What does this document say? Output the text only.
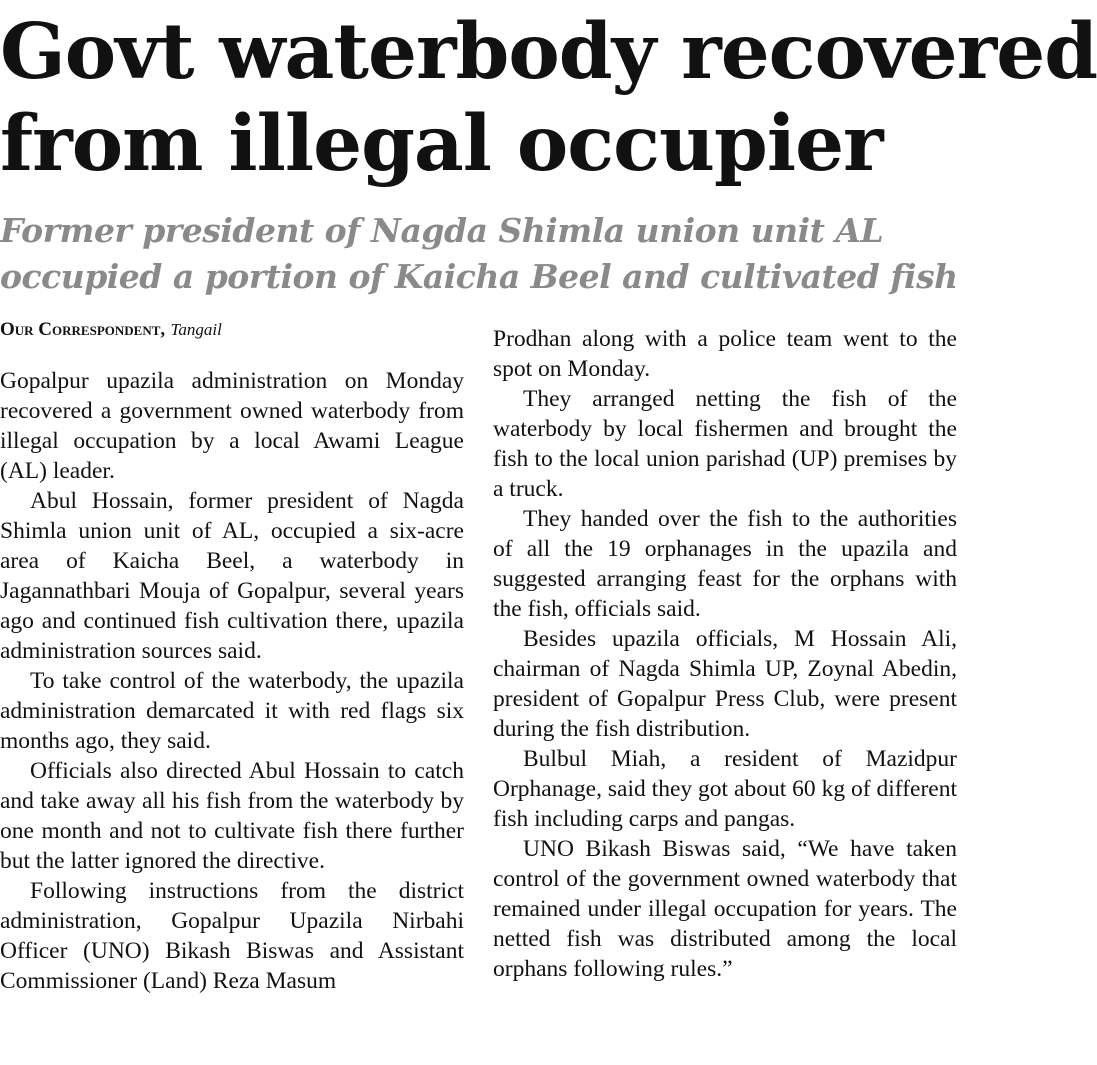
Govt waterbody recovered
from illegal occupier
Former president of Nagda Shimla union unit AL
occupied a portion of Kaicha Beel and cultivated fish
Our Correspondent, Tangail

Gopalpur upazila administration on Monday recovered a government owned waterbody from illegal occupation by a local Awami League (AL) leader.

Abul Hossain, former president of Nagda Shimla union unit of AL, occupied a six-acre area of Kaicha Beel, a waterbody in Jagannathbari Mouja of Gopalpur, several years ago and continued fish cultivation there, upazila administration sources said.

To take control of the waterbody, the upazila administration demarcated it with red flags six months ago, they said.

Officials also directed Abul Hossain to catch and take away all his fish from the waterbody by one month and not to cultivate fish there further but the latter ignored the directive.

Following instructions from the district administration, Gopalpur Upazila Nirbahi Officer (UNO) Bikash Biswas and Assistant Commissioner (Land) Reza Masum

Prodhan along with a police team went to the spot on Monday.

They arranged netting the fish of the waterbody by local fishermen and brought the fish to the local union parishad (UP) premises by a truck.

They handed over the fish to the authorities of all the 19 orphanages in the upazila and suggested arranging feast for the orphans with the fish, officials said.

Besides upazila officials, M Hossain Ali, chairman of Nagda Shimla UP, Zoynal Abedin, president of Gopalpur Press Club, were present during the fish distribution.

Bulbul Miah, a resident of Mazidpur Orphanage, said they got about 60 kg of different fish including carps and pangas.

UNO Bikash Biswas said, “We have taken control of the government owned waterbody that remained under illegal occupation for years. The netted fish was distributed among the local orphans following rules.”
